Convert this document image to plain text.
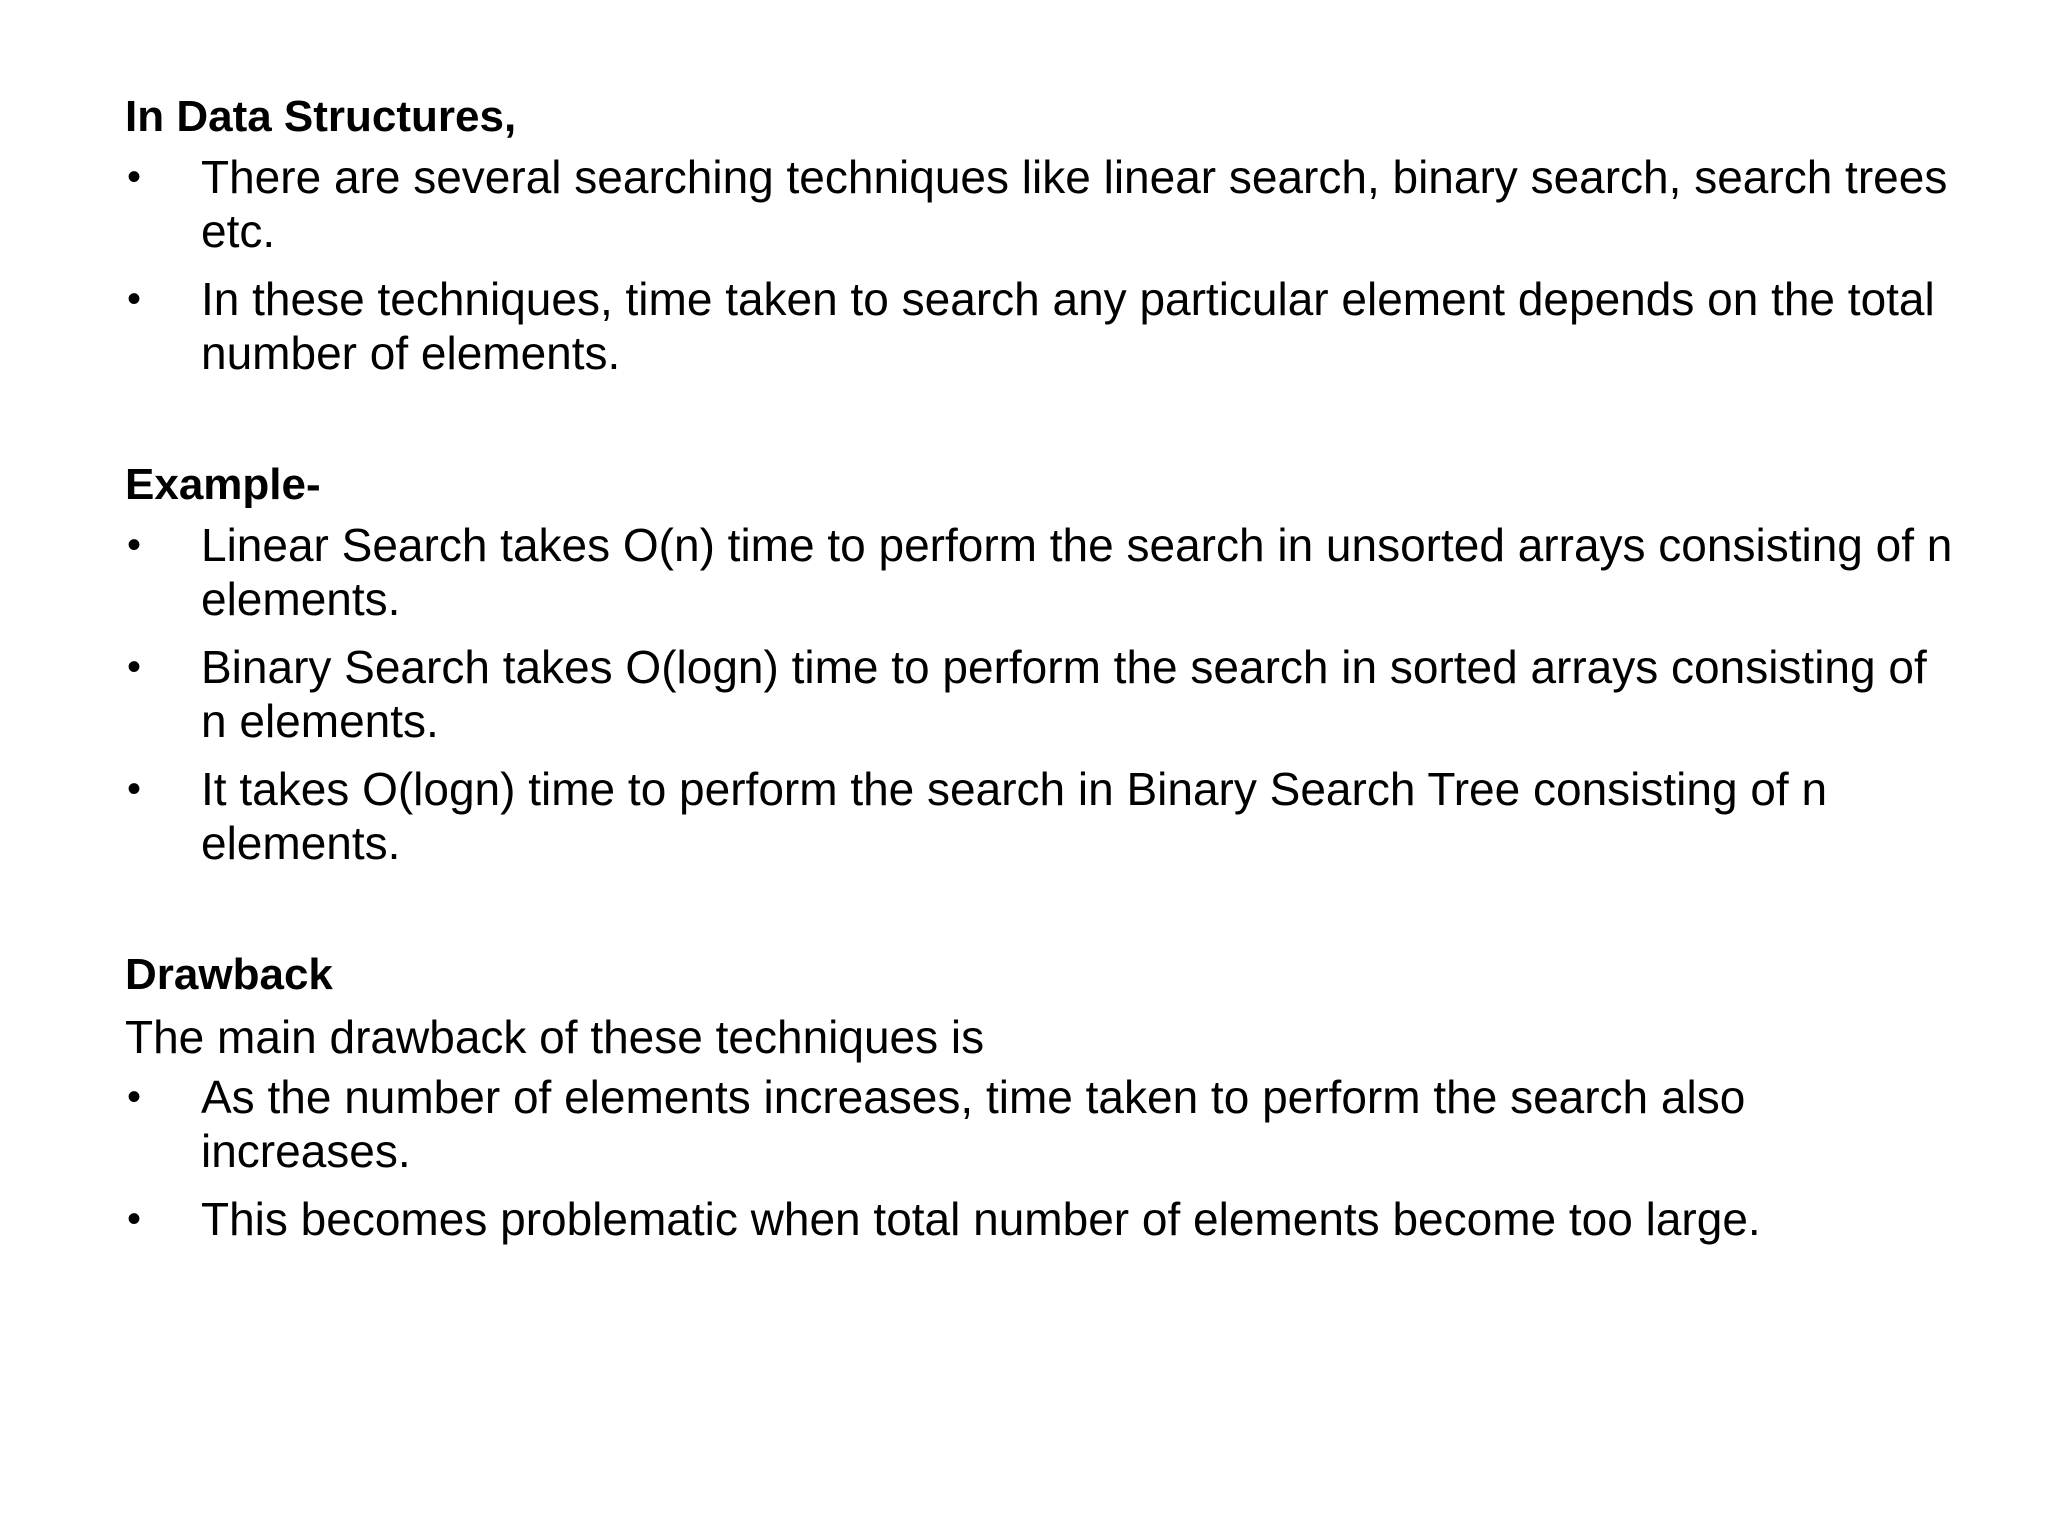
In Data Structures,

• There are several searching techniques like linear search, binary search, search trees etc.
• In these techniques, time taken to search any particular element depends on the total number of elements.

Example-

• Linear Search takes O(n) time to perform the search in unsorted arrays consisting of n elements.
• Binary Search takes O(logn) time to perform the search in sorted arrays consisting of n elements.
• It takes O(logn) time to perform the search in Binary Search Tree consisting of n elements.

Drawback

The main drawback of these techniques is

• As the number of elements increases, time taken to perform the search also increases.
• This becomes problematic when total number of elements become too large.
